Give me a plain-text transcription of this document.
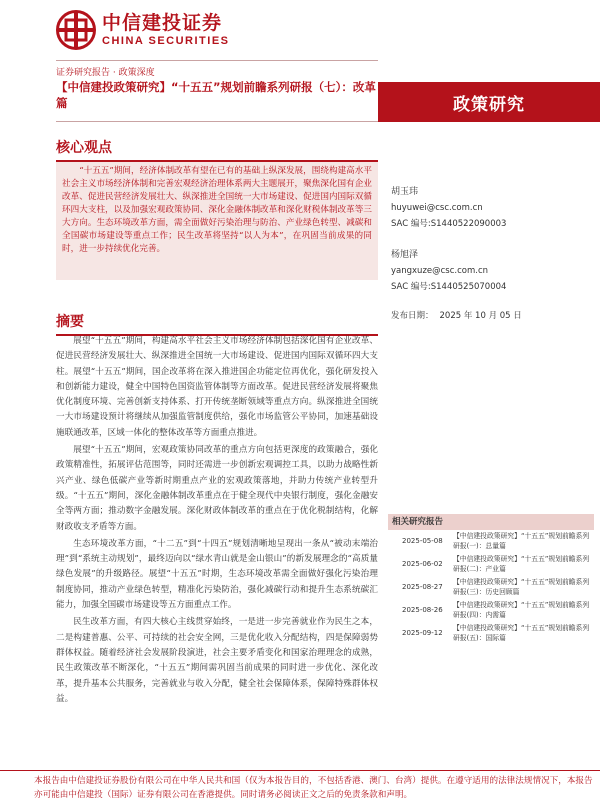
中信建投证券
CHINA SECURITIES
证券研究报告 · 政策深度
【中信建投政策研究】“十五五”规划前瞻系列研报（七）：改革篇	政策研究
核心观点

“十五五”期间，经济体制改革有望在已有的基础上纵深发展，围绕构建高水平社会主义市场经济体制和完善宏观经济治理体系两大主题展开，聚焦深化国有企业改革、促进民营经济发展壮大、纵深推进全国统一大市场建设、促进国内国际双循环四大支柱，以及加强宏观政策协同、深化金融体制改革和深化财税体制改革等三大方向。生态环境改革方面，需全面做好污染治理与防治、产业绿色转型、减碳和全国碳市场建设等重点工作；民生改革将坚持“以人为本”，在巩固当前成果的同时，进一步持续优化完善。

摘要

展望“十五五”期间，构建高水平社会主义市场经济体制包括深化国有企业改革、促进民营经济发展壮大、纵深推进全国统一大市场建设、促进国内国际双循环四大支柱。展望“十五五”期间，国企改革将在深入推进国企功能定位再优化，强化研发投入和创新能力建设，健全中国特色国资监管体制等方面改革。促进民营经济发展将聚焦优化制度环境、完善创新支持体系、打开传统垄断领域等重点方向。纵深推进全国统一大市场建设预计将继续从加强监管制度供给，强化市场监管公平协同，加速基础设施联通改革，区域一体化的整体改革等方面重点推进。

展望“十五五”期间，宏观政策协同改革的重点方向包括更深度的政策融合，强化政策精准性，拓展评估范围等，同时还需进一步创新宏观调控工具，以助力战略性新兴产业、绿色低碳产业等新时期重点产业的宏观政策落地，并助力传统产业转型升级。“十五五”期间，深化金融体制改革重点在于健全现代中央银行制度，强化金融安全等两方面；推动数字金融发展。深化财政体制改革的重点在于优化税制结构，化解财政收支矛盾等方面。

生态环境改革方面，“十二五”到“十四五”规划清晰地呈现出一条从“被动末端治理”到“系统主动规划”，最终迈向以“绿水青山就是金山银山”的新发展理念的“高质量绿色发展”的升级路径。展望“十五五”时期，生态环境改革需全面做好强化污染治理制度协同，推动产业绿色转型，精准化污染防治，强化减碳行动和提升生态系统碳汇能力，加强全国碳市场建设等五方面重点工作。

民生改革方面，有四大核心主线贯穿始终，一是进一步完善就业作为民生之本，二是构建普惠、公平、可持续的社会安全网，三是优化收入分配结构，四是保障弱势群体权益。随着经济社会发展阶段演进，社会主要矛盾变化和国家治理理念的成熟，民生政策改革不断深化，“十五五”期间需巩固当前成果的同时进一步优化、深化改革，提升基本公共服务，完善就业与收入分配，健全社会保障体系，保障特殊群体权益。

胡玉玮
huyuwei@csc.com.cn
SAC 编号:S1440522090003
杨旭泽
yangxuze@csc.com.cn
SAC 编号:S1440525070004
发布日期： 2025 年 10 月 05 日
相关研究报告
2025-05-08
【中信建投政策研究】“十五五”规划前瞻系列研报(一)：总量篇
2025-06-02
【中信建投政策研究】“十五五”规划前瞻系列研报(二)：产业篇
2025-08-27
【中信建投政策研究】“十五五”规划前瞻系列研报(三)：历史回顾篇
2025-08-26
【中信建投政策研究】“十五五”规划前瞻系列研报(四)：内需篇
2025-09-12
【中信建投政策研究】“十五五”规划前瞻系列研报(五)：国际篇
本报告由中信建投证券股份有限公司在中华人民共和国（仅为本报告目的，不包括香港、澳门、台湾）提供。在遵守适用的法律法规情况下，本报告亦可能由中信建投（国际）证券有限公司在香港提供。同时请务必阅读正文之后的免责条款和声明。
